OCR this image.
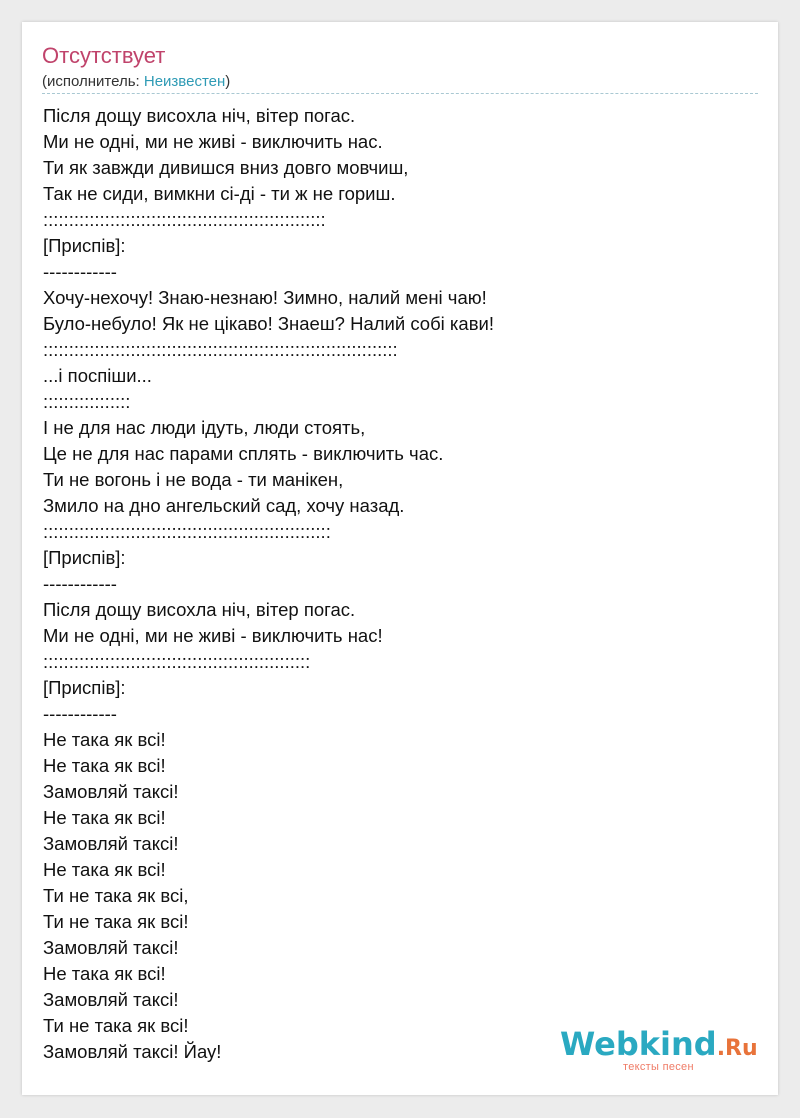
Отсутствует
(исполнитель: Неизвестен)
Після дощу висохла ніч, вітер погас.
Ми не одні, ми не живі - виключить нас.
Ти як завжди дивишся вниз довго мовчиш,
Так не сиди, вимкни сі-ді - ти ж не гориш.
:::::::::::::::::::::::::::::::::::::::::::::::::::::::
[Приспів]:
------------
Хочу-нехочу! Знаю-незнаю! Зимно, налий мені чаю!
Було-небуло! Як не цікаво! Знаеш? Налий собі кави!
:::::::::::::::::::::::::::::::::::::::::::::::::::::::::::::::::::::
...і поспіши...
:::::::::::::::::
І не для нас люди ідуть, люди стоять,
Це не для нас парами сплять - виключить час.
Ти не вогонь і не вода - ти манікен,
Змило на дно ангельский сад, хочу назад.
::::::::::::::::::::::::::::::::::::::::::::::::::::::::
[Приспів]:
------------
Після дощу висохла ніч, вітер погас.
Ми не одні, ми не живі - виключить нас!
::::::::::::::::::::::::::::::::::::::::::::::::::::
[Приспів]:
------------
Не така як всі!
Не така як всі!
Замовляй таксі!
Не така як всі!
Замовляй таксі!
Не така як всі!
Ти не така як всі,
Ти не така як всі!
Замовляй таксі!
Не така як всі!
Замовляй таксі!
Ти не така як всі!
Замовляй таксі! Йау!	Webkind.Ru
тексты песен
